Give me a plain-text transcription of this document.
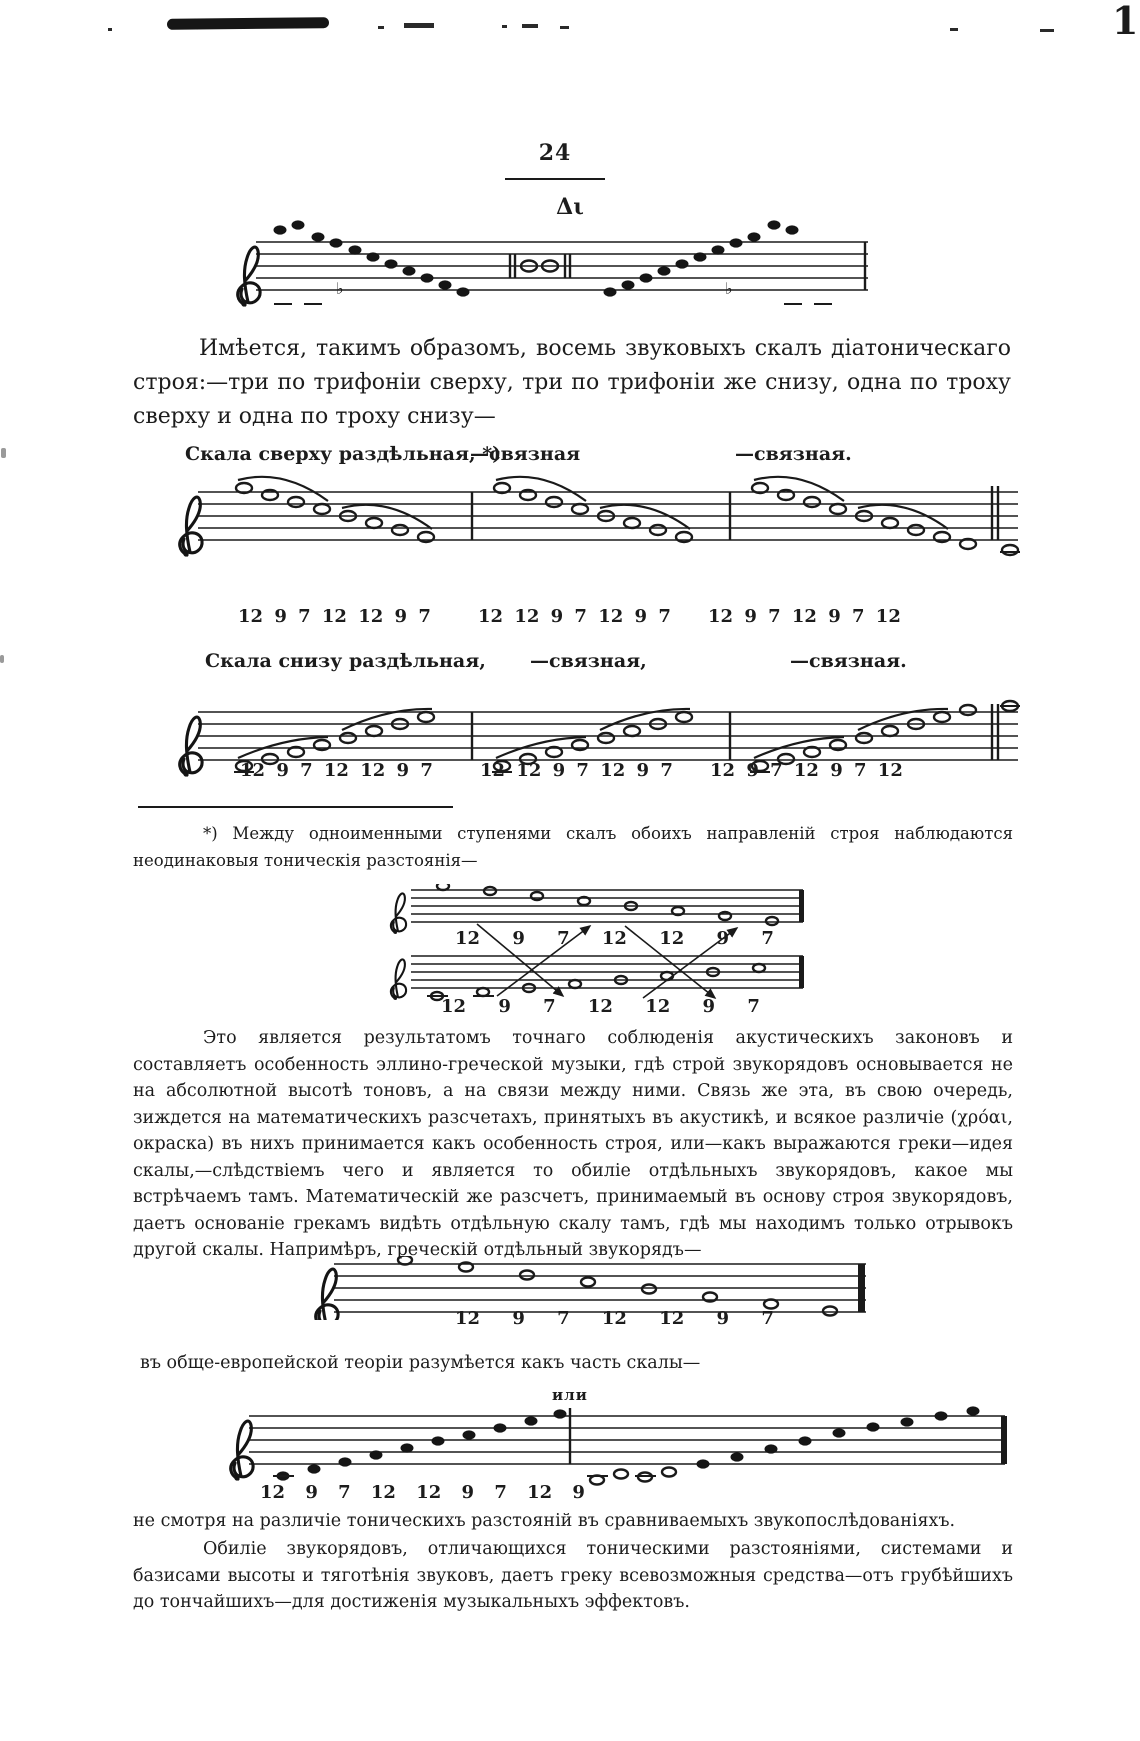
1
24
Δι
♭	♭
Имѣется, такимъ образомъ, восемь звуковыхъ скалъ діатоническаго строя:—три по трифоніи сверху, три по трифоніи же снизу, одна по троху сверху и одна по троху снизу—
Скала сверху раздѣльная, *)
—связная	—связная.
12 9 7 12 12 9 7	12 12 9 7 12 9 7 12 9 7 12 9 7 12
Скала снизу раздѣльная, —связная,	—связная.
12 9 7 12 12 9 7	12 12 9 7 12 9 7 12 9 7 12 9 7 12
*) Между одноименными ступенями скалъ обоихъ направленій строя наблюдаются неодинаковыя тоническія разстоянія—
12 9 7 12 12 9 7
12 9 7 12 12 9 7
Это является результатомъ точнаго соблюденія акустическихъ законовъ и составляетъ особенность эллино-греческой музыки, гдѣ строй звукорядовъ основывается не на абсолютной высотѣ тоновъ, а на связи между ними. Связь же эта, въ свою очередь, зиждется на математическихъ разсчетахъ, принятыхъ въ акустикѣ, и всякое различіе (χρόαι, окраска) въ нихъ принимается какъ особенность строя, или—какъ выражаются греки—идея скалы,—слѣдствіемъ чего и является то обиліе отдѣльныхъ звукорядовъ, какое мы встрѣчаемъ тамъ. Математическій же разсчетъ, принимаемый въ основу строя звукорядовъ, даетъ основаніе грекамъ видѣть отдѣльную скалу тамъ, гдѣ мы находимъ только отрывокъ другой скалы. Напримѣръ, греческій отдѣльный звукорядъ—
12 9 7 12 12 9 7
въ обще-европейской теоріи разумѣется какъ часть скалы—
или
12 9 7 12 12 9 7 12 9
не смотря на различіе тоническихъ разстояній въ сравниваемыхъ звукопослѣдованіяхъ.
Обиліе звукорядовъ, отличающихся тоническими разстояніями, системами и базисами высоты и тяготѣнія звуковъ, даетъ греку всевозможныя средства—отъ грубѣйшихъ до тончайшихъ—для достиженія музыкальныхъ эффектовъ.
